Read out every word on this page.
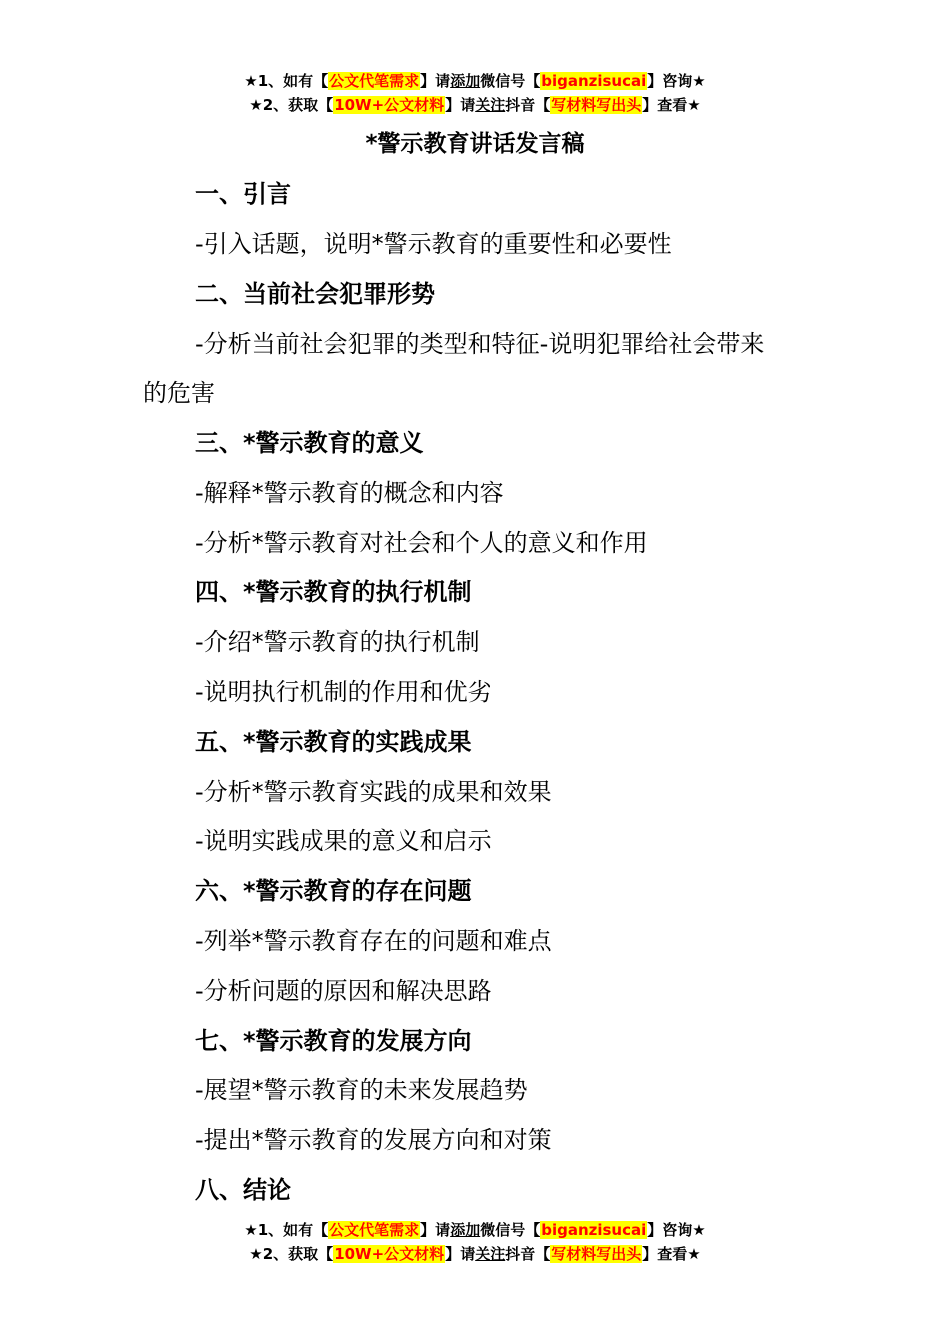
★1、如有【公文代笔需求】请添加微信号【biganzisucai】咨询★
★2、获取【10W+公文材料】请关注抖音【写材料写出头】查看★
*警示教育讲话发言稿
一、引言
-引入话题，说明*警示教育的重要性和必要性
二、当前社会犯罪形势
-分析当前社会犯罪的类型和特征-说明犯罪给社会带来
的危害
三、*警示教育的意义
-解释*警示教育的概念和内容
-分析*警示教育对社会和个人的意义和作用
四、*警示教育的执行机制
-介绍*警示教育的执行机制
-说明执行机制的作用和优劣
五、*警示教育的实践成果
-分析*警示教育实践的成果和效果
-说明实践成果的意义和启示
六、*警示教育的存在问题
-列举*警示教育存在的问题和难点
-分析问题的原因和解决思路
七、*警示教育的发展方向
-展望*警示教育的未来发展趋势
-提出*警示教育的发展方向和对策
八、结论
★1、如有【公文代笔需求】请添加微信号【biganzisucai】咨询★
★2、获取【10W+公文材料】请关注抖音【写材料写出头】查看★
